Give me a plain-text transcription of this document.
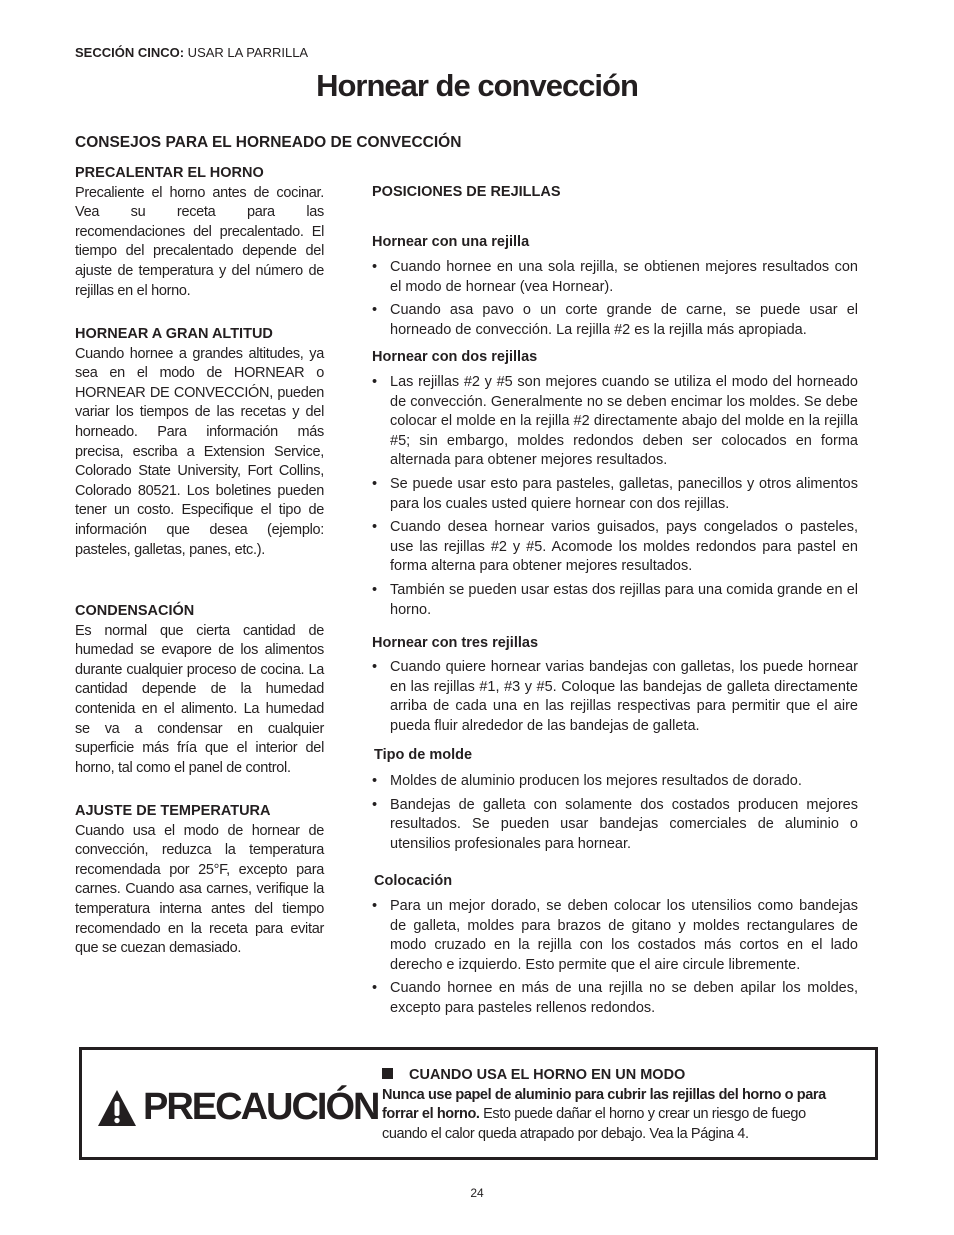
SECCIÓN CINCO: USAR LA PARRILLA
Hornear de convección
CONSEJOS PARA EL HORNEADO DE CONVECCIÓN
PRECALENTAR EL HORNO

Precaliente el horno antes de cocinar. Vea su receta para las recomendaciones del precalentado. El tiempo del precalentado depende del ajuste de temperatura y del número de rejillas en el horno.

HORNEAR A GRAN ALTITUD

Cuando hornee a grandes altitudes, ya sea en el modo de HORNEAR o HORNEAR DE CONVECCIÓN, pueden variar los tiempos de las recetas y del horneado. Para información más precisa, escriba a Extension Service, Colorado State University, Fort Collins, Colorado 80521. Los boletines pueden tener un costo. Especifique el tipo de información que desea (ejemplo: pasteles, galletas, panes, etc.).

CONDENSACIÓN

Es normal que cierta cantidad de humedad se evapore de los alimentos durante cualquier proceso de cocina. La cantidad depende de la humedad contenida en el alimento. La humedad se va a condensar en cualquier superficie más fría que el interior del horno, tal como el panel de control.

AJUSTE DE TEMPERATURA

Cuando usa el modo de hornear de convección, reduzca la temperatura recomendada por 25°F, excepto para carnes. Cuando asa carnes, verifique la temperatura interna antes del tiempo recomendado en la receta para evitar que se cuezan demasiado.

POSICIONES DE REJILLAS
Hornear con una rejilla
• Cuando hornee en una sola rejilla, se obtienen mejores resultados con el modo de hornear (vea Hornear).
• Cuando asa pavo o un corte grande de carne, se puede usar el horneado de convección. La rejilla #2 es la rejilla más apropiada.
Hornear con dos rejillas
• Las rejillas #2 y #5 son mejores cuando se utiliza el modo del horneado de convección. Generalmente no se deben encimar los moldes. Se debe colocar el molde en la rejilla #2 directamente abajo del molde en la rejilla #5; sin embargo, moldes redondos deben ser colocados en forma alternada para obtener mejores resultados.
• Se puede usar esto para pasteles, galletas, panecillos y otros alimentos para los cuales usted quiere hornear con dos rejillas.
• Cuando desea hornear varios guisados, pays congelados o pasteles, use las rejillas #2 y #5. Acomode los moldes redondos para pastel en forma alterna para obtener mejores resultados.
• También se pueden usar estas dos rejillas para una comida grande en el horno.
Hornear con tres rejillas
• Cuando quiere hornear varias bandejas con galletas, los puede hornear en las rejillas #1, #3 y #5. Coloque las bandejas de galleta directamente arriba de cada una en las rejillas respectivas para permitir que el aire pueda fluir alrededor de las bandejas de galleta.
Tipo de molde
• Moldes de aluminio producen los mejores resultados de dorado.
• Bandejas de galleta con solamente dos costados producen mejores resultados. Se pueden usar bandejas comerciales de aluminio o utensilios profesionales para hornear.
Colocación
• Para un mejor dorado, se deben colocar los utensilios como bandejas de galleta, moldes para brazos de gitano y moldes rectangulares de modo cruzado en la rejilla con los costados más cortos en el lado derecho e izquierdo. Esto permite que el aire circule libremente.
• Cuando hornee en más de una rejilla no se deben apilar los moldes, excepto para pasteles rellenos redondos.
PRECAUCIÓN
CUANDO USA EL HORNO EN UN MODO
Nunca use papel de aluminio para cubrir las rejillas del horno o para forrar el horno. Esto puede dañar el horno y crear un riesgo de fuego cuando el calor queda atrapado por debajo. Vea la Página 4.
24
